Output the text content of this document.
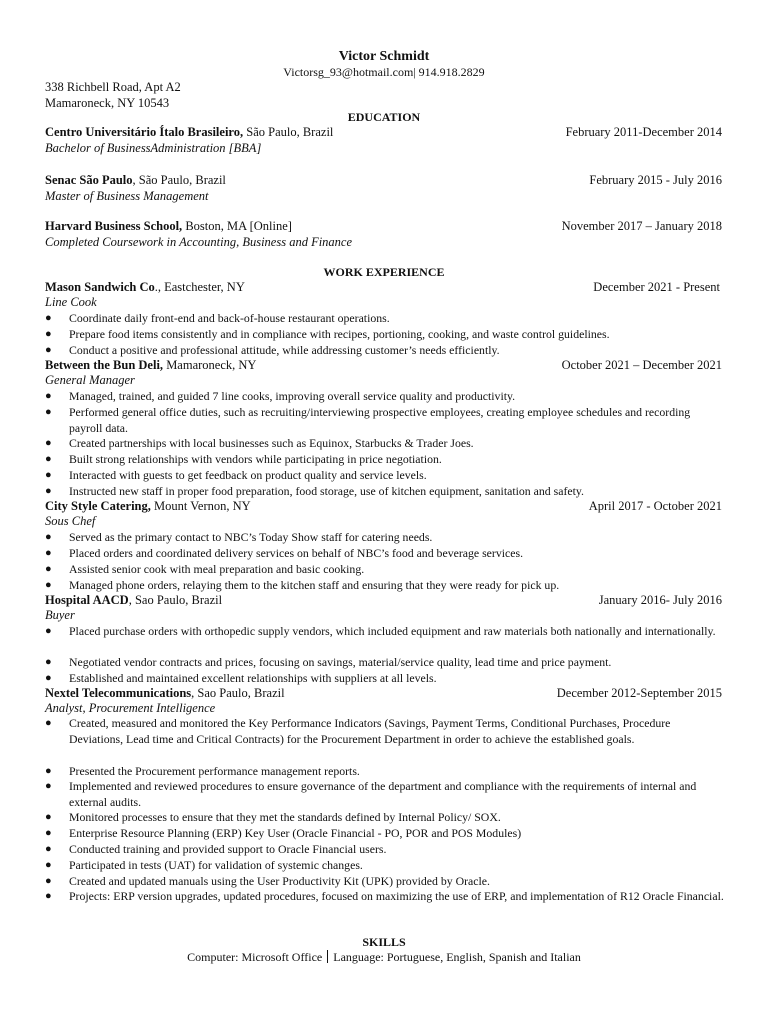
Victor Schmidt
Victorsg_93@hotmail.com| 914.918.2829
338 Richbell Road, Apt A2
Mamaroneck, NY 10543
EDUCATION
Centro Universitário Ítalo Brasileiro, São Paulo, Brazil	February 2011-December 2014
Bachelor of BusinessAdministration [BBA]
Senac São Paulo, São Paulo, Brazil	February 2015 - July 2016
Master of Business Management
Harvard Business School, Boston, MA [Online]	November 2017 – January 2018
Completed Coursework in Accounting, Business and Finance
WORK EXPERIENCE
Mason Sandwich Co., Eastchester, NY	December 2021 - Present
Line Cook
● Coordinate daily front-end and back-of-house restaurant operations.
● Prepare food items consistently and in compliance with recipes, portioning, cooking, and waste control guidelines.
● Conduct a positive and professional attitude, while addressing customer’s needs efficiently.
Between the Bun Deli, Mamaroneck, NY	October 2021 – December 2021
General Manager
● Managed, trained, and guided 7 line cooks, improving overall service quality and productivity.
● Performed general office duties, such as recruiting/interviewing prospective employees, creating employee schedules and recording payroll data.
● Created partnerships with local businesses such as Equinox, Starbucks & Trader Joes.
● Built strong relationships with vendors while participating in price negotiation.
● Interacted with guests to get feedback on product quality and service levels.
● Instructed new staff in proper food preparation, food storage, use of kitchen equipment, sanitation and safety.
City Style Catering, Mount Vernon, NY	April 2017 - October 2021
Sous Chef
● Served as the primary contact to NBC’s Today Show staff for catering needs.
● Placed orders and coordinated delivery services on behalf of NBC’s food and beverage services.
● Assisted senior cook with meal preparation and basic cooking.
● Managed phone orders, relaying them to the kitchen staff and ensuring that they were ready for pick up.
Hospital AACD, Sao Paulo, Brazil	January 2016- July 2016
Buyer
● Placed purchase orders with orthopedic supply vendors, which included equipment and raw materials both nationally and internationally.
● Negotiated vendor contracts and prices, focusing on savings, material/service quality, lead time and price payment.
● Established and maintained excellent relationships with suppliers at all levels.
Nextel Telecommunications, Sao Paulo, Brazil	December 2012-September 2015
Analyst, Procurement Intelligence
● Created, measured and monitored the Key Performance Indicators (Savings, Payment Terms, Conditional Purchases, Procedure Deviations, Lead time and Critical Contracts) for the Procurement Department in order to achieve the established goals.
● Presented the Procurement performance management reports.
● Implemented and reviewed procedures to ensure governance of the department and compliance with the requirements of internal and external audits.
● Monitored processes to ensure that they met the standards defined by Internal Policy/ SOX.
● Enterprise Resource Planning (ERP) Key User (Oracle Financial - PO, POR and POS Modules)
● Conducted training and provided support to Oracle Financial users.
● Participated in tests (UAT) for validation of systemic changes.
● Created and updated manuals using the User Productivity Kit (UPK) provided by Oracle.
● Projects: ERP version upgrades, updated procedures, focused on maximizing the use of ERP, and implementation of R12 Oracle Financial.
SKILLS
Computer: Microsoft Office Language: Portuguese, English, Spanish and Italian
